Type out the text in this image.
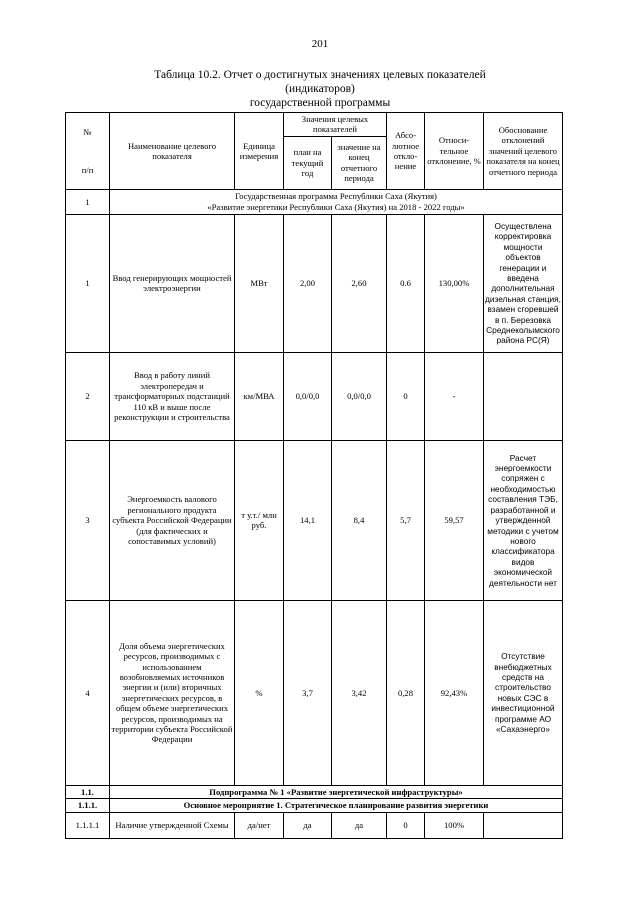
201
Таблица 10.2. Отчет о достигнутых значениях целевых показателей (индикаторов)
государственной программы
№
п/п	Наименование целевого показателя	Единица измерения	Значения целевых показателей		Абсо-лютное откло-нение	Относи-тельное отклонение, %	Обоснование отклонений значений целевого показателя на конец отчетного периода
			план на текущий год	значение на конец отчетного периода			
1	Государственная программа Республики Саха (Якутия)
«Развитие энергетики Республики Саха (Якутия) на 2018 - 2022 годы»						

1	Ввод генерирующих мощностей электроэнергии	МВт	2,00	2,60	0.6	130,00%	Осуществлена корректировка мощности объектов генерации и введена дополнительная дизельная станция, взамен сгоревшей в п. Березовка Среднеколымского района РС(Я)
2	Ввод в работу линий электропередач и трансформаторных подстанций 110 кВ и выше после реконструкции и строительства	км/МВА	0,0/0,0	0,0/0,0	0	-	
3	Энергоемкость валового регионального продукта субъекта Российской Федерации (для фактических и сопоставимых условий)	т у.т./ млн руб.	14,1	8,4	5,7	59,57	Расчет энергоемкости сопряжен с необходимостью составления ТЭБ, разработанной и утвержденной методики с учетом нового классификатора видов экономической деятельности нет
4	Доля объема энергетических ресурсов, производимых с использованием возобновляемых источников энергии и (или) вторичных энергетических ресурсов, в общем объеме энергетических ресурсов, производимых на территории субъекта Российской Федерации	%	3,7	3,42	0,28	92,43%	Отсутствие внебюджетных средств на строительство новых СЭС в инвестиционной программе АО «Сахаэнерго»
1.1.	Подпрограмма № 1 «Развитие энергетической инфраструктуры»						
1.1.1.	Основное мероприятие 1. Стратегическое планирование развития энергетики						
1.1.1.1	Наличие утвержденной Схемы	да/нет	да	да	0	100%	
